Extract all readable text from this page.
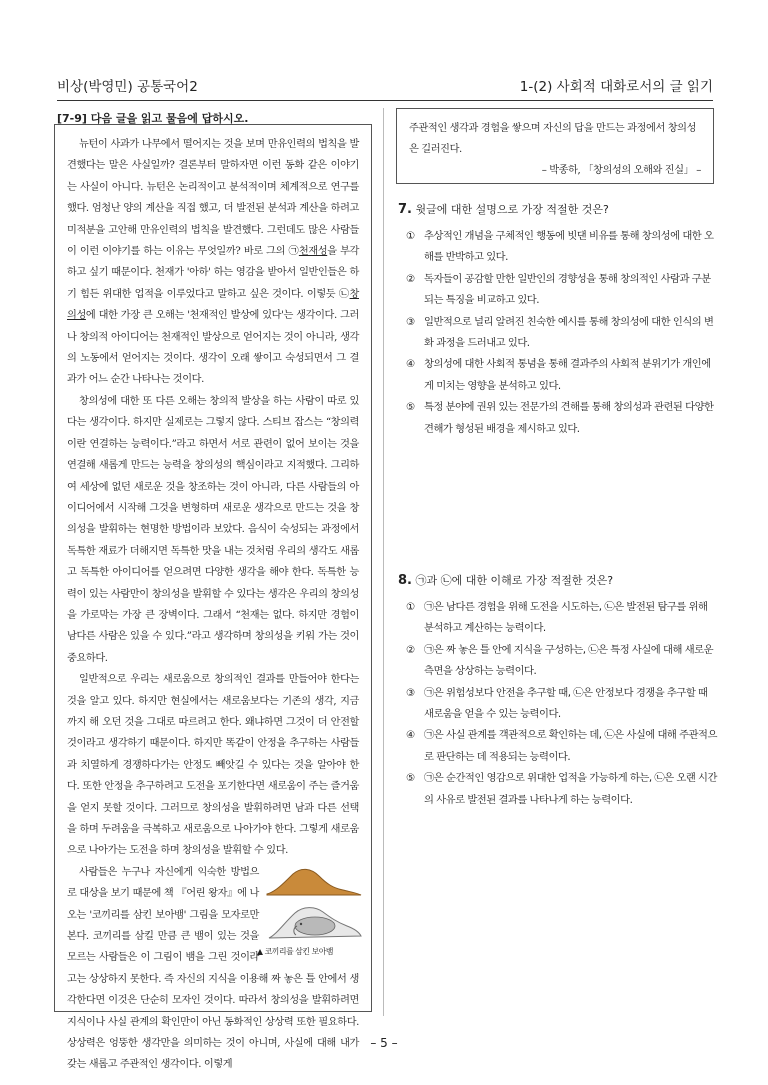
비상(박영민) 공통국어2	1-(2) 사회적 대화로서의 글 읽기
[7-9] 다음 글을 읽고 물음에 답하시오.

뉴턴이 사과가 나무에서 떨어지는 것을 보며 만유인력의 법칙을 발견했다는 말은 사실일까? 결론부터 말하자면 이런 동화 같은 이야기는 사실이 아니다. 뉴턴은 논리적이고 분석적이며 체계적으로 연구를 했다. 엄청난 양의 계산을 직접 했고, 더 발전된 분석과 계산을 하려고 미적분을 고안해 만유인력의 법칙을 발견했다. 그런데도 많은 사람들이 이런 이야기를 하는 이유는 무엇일까? 바로 그의 ㉠천재성을 부각하고 싶기 때문이다. 천재가 '아하' 하는 영감을 받아서 일반인들은 하기 힘든 위대한 업적을 이루었다고 말하고 싶은 것이다. 이렇듯 ㉡창의성에 대한 가장 큰 오해는 '천재적인 발상에 있다'는 생각이다. 그러나 창의적 아이디어는 천재적인 발상으로 얻어지는 것이 아니라, 생각의 노동에서 얻어지는 것이다. 생각이 오래 쌓이고 숙성되면서 그 결과가 어느 순간 나타나는 것이다.

창의성에 대한 또 다른 오해는 창의적 발상을 하는 사람이 따로 있다는 생각이다. 하지만 실제로는 그렇지 않다. 스티브 잡스는 “창의력이란 연결하는 능력이다.”라고 하면서 서로 관련이 없어 보이는 것을 연결해 새롭게 만드는 능력을 창의성의 핵심이라고 지적했다. 그리하여 세상에 없던 새로운 것을 창조하는 것이 아니라, 다른 사람들의 아이디어에서 시작해 그것을 변형하며 새로운 생각으로 만드는 것을 창의성을 발휘하는 현명한 방법이라 보았다. 음식이 숙성되는 과정에서 독특한 재료가 더해지면 독특한 맛을 내는 것처럼 우리의 생각도 새롭고 독특한 아이디어를 얻으려면 다양한 생각을 해야 한다. 독특한 능력이 있는 사람만이 창의성을 발휘할 수 있다는 생각은 우리의 창의성을 가로막는 가장 큰 장벽이다. 그래서 “천재는 없다. 하지만 경험이 남다른 사람은 있을 수 있다.”라고 생각하며 창의성을 키워 가는 것이 중요하다.

일반적으로 우리는 새로움으로 창의적인 결과를 만들어야 한다는 것을 알고 있다. 하지만 현실에서는 새로움보다는 기존의 생각, 지금까지 해 오던 것을 그대로 따르려고 한다. 왜냐하면 그것이 더 안전할 것이라고 생각하기 때문이다. 하지만 똑같이 안정을 추구하는 사람들과 치열하게 경쟁하다가는 안정도 빼앗길 수 있다는 것을 알아야 한다. 또한 안정을 추구하려고 도전을 포기한다면 새로움이 주는 즐거움을 얻지 못할 것이다. 그러므로 창의성을 발휘하려면 남과 다른 선택을 하며 두려움을 극복하고 새로움으로 나아가야 한다. 그렇게 새로움으로 나아가는 도전을 하며 창의성을 발휘할 수 있다.

▲ 코끼리를 삼킨 보아뱀
사람들은 누구나 자신에게 익숙한 방법으로 대상을 보기 때문에 책 『어린 왕자』에 나오는 '코끼리를 삼킨 보아뱀' 그림을 모자로만 본다. 코끼리를 삼킬 만큼 큰 뱀이 있는 것을 모르는 사람들은 이 그림이 뱀을 그린 것이라고는 상상하지 못한다. 즉 자신의 지식을 이용해 짜 놓은 틀 안에서 생각한다면 이것은 단순히 모자인 것이다. 따라서 창의성을 발휘하려면 지식이나 사실 관계의 확인만이 아닌 동화적인 상상력 또한 필요하다. 상상력은 엉뚱한 생각만을 의미하는 것이 아니며, 사실에 대해 내가 갖는 새롭고 주관적인 생각이다. 이렇게

주관적인 생각과 경험을 쌓으며 자신의 답을 만드는 과정에서 창의성은 길러진다.

– 박종하, 「창의성의 오해와 진실」 –

7. 윗글에 대한 설명으로 가장 적절한 것은?
① 추상적인 개념을 구체적인 행동에 빗댄 비유를 통해 창의성에 대한 오해를 반박하고 있다.
② 독자들이 공감할 만한 일반인의 경향성을 통해 창의적인 사람과 구분되는 특징을 비교하고 있다.
③ 일반적으로 널리 알려진 친숙한 예시를 통해 창의성에 대한 인식의 변화 과정을 드러내고 있다.
④ 창의성에 대한 사회적 통념을 통해 결과주의 사회적 분위기가 개인에게 미치는 영향을 분석하고 있다.
⑤ 특정 분야에 권위 있는 전문가의 견해를 통해 창의성과 관련된 다양한 견해가 형성된 배경을 제시하고 있다.
8. ㉠과 ㉡에 대한 이해로 가장 적절한 것은?
① ㉠은 남다른 경험을 위해 도전을 시도하는, ㉡은 발전된 탐구를 위해 분석하고 계산하는 능력이다.
② ㉠은 짜 놓은 틀 안에 지식을 구성하는, ㉡은 특정 사실에 대해 새로운 측면을 상상하는 능력이다.
③ ㉠은 위험성보다 안전을 추구할 때, ㉡은 안정보다 경쟁을 추구할 때 새로움을 얻을 수 있는 능력이다.
④ ㉠은 사실 관계를 객관적으로 확인하는 데, ㉡은 사실에 대해 주관적으로 판단하는 데 적용되는 능력이다.
⑤ ㉠은 순간적인 영감으로 위대한 업적을 가능하게 하는, ㉡은 오랜 시간의 사유로 발전된 결과를 나타나게 하는 능력이다.
– 5 –
